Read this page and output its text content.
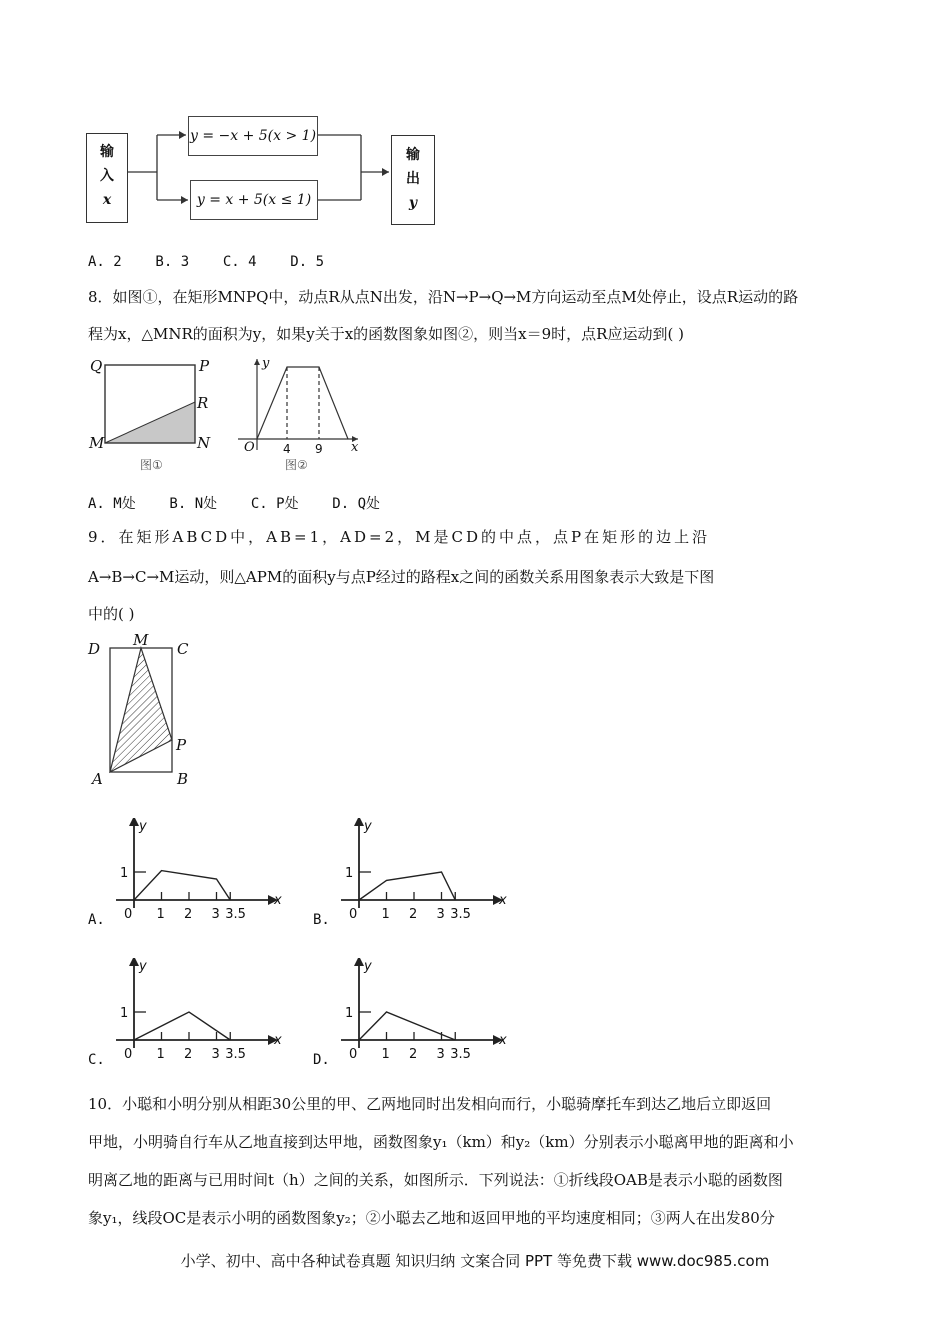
输
入
x
y = −x + 5(x > 1)
y = x + 5(x ≤ 1)
输
出
y
A. 2    B. 3    C. 4    D. 5
8．如图①，在矩形MNPQ中，动点R从点N出发，沿N→P→Q→M方向运动至点M处停止，设点R运动的路
程为x，△MNR的面积为y，如果y关于x的函数图象如图②，则当x＝9时，点R应运动到( )
Q	P
R
M	N
图①
y
O 4 9 x
图②
A. M处    B. N处    C. P处    D. Q处
9．在矩形ABCD中，AB=1，AD=2，M是CD的中点，点P在矩形的边上沿
A→B→C→M运动，则△APM的面积y与点P经过的路程x之间的函数关系用图象表示大致是下图
中的( )
D M C
P
A	B
1
1 2 3 3.5
0
y
x
A.
1
1 2 3 3.5
0
y
x
B.
1
1 2 3 3.5
0
y
x
C.
1
1 2 3 3.5
0
y
x
D.
10．小聪和小明分别从相距30公里的甲、乙两地同时出发相向而行，小聪骑摩托车到达乙地后立即返回
甲地，小明骑自行车从乙地直接到达甲地，函数图象y₁（km）和y₂（km）分别表示小聪离甲地的距离和小
明离乙地的距离与已用时间t（h）之间的关系，如图所示．下列说法：①折线段OAB是表示小聪的函数图
象y₁，线段OC是表示小明的函数图象y₂；②小聪去乙地和返回甲地的平均速度相同；③两人在出发80分
小学、初中、高中各种试卷真题 知识归纳 文案合同 PPT 等免费下载 www.doc985.com
